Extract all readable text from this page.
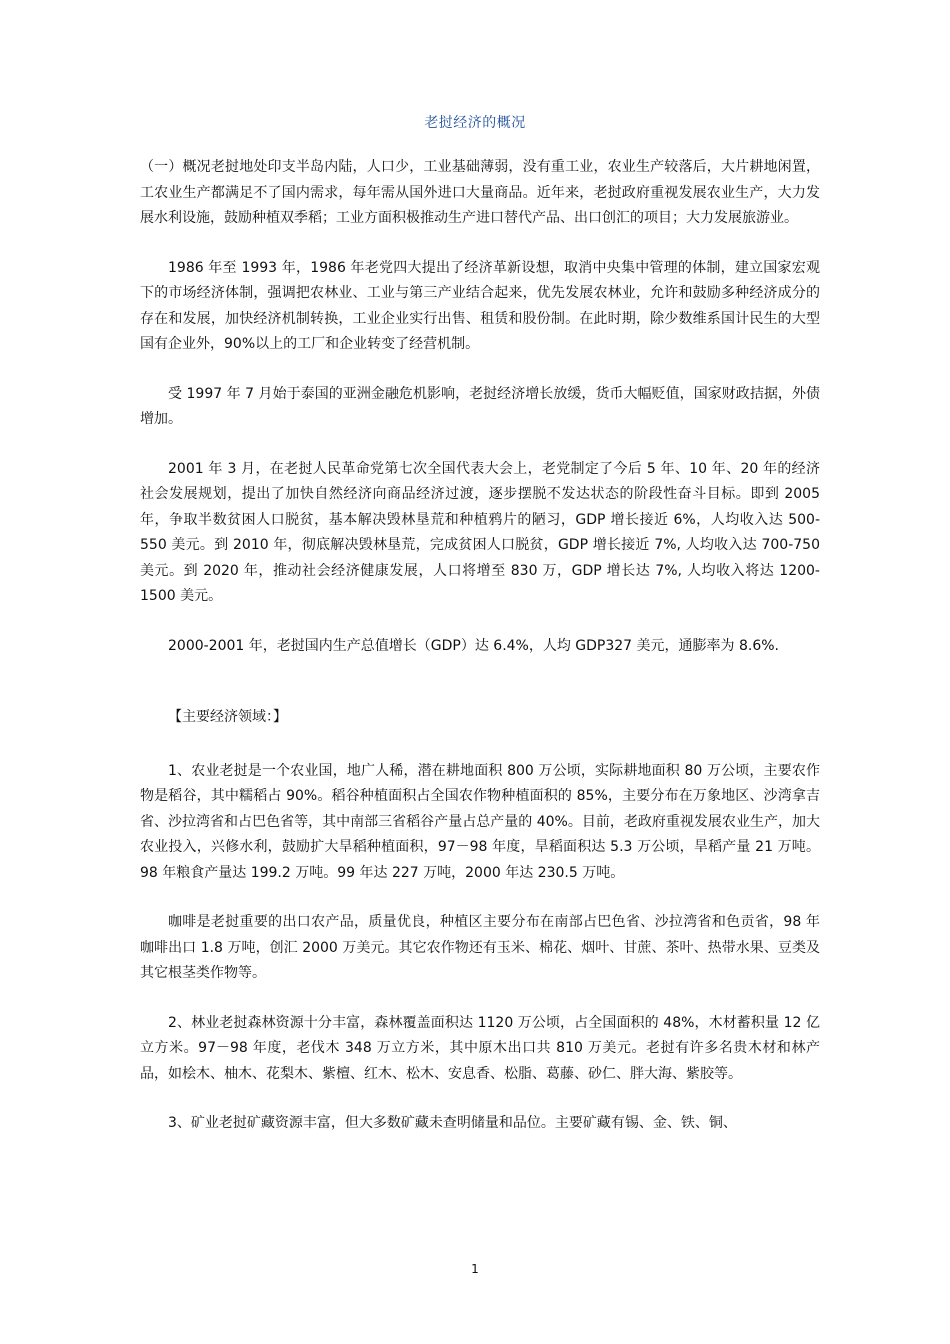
老挝经济的概况

（一）概况老挝地处印支半岛内陆，人口少，工业基础薄弱，没有重工业，农业生产较落后，大片耕地闲置，工农业生产都满足不了国内需求，每年需从国外进口大量商品。近年来，老挝政府重视发展农业生产，大力发展水利设施，鼓励种植双季稻；工业方面积极推动生产进口替代产品、出口创汇的项目；大力发展旅游业。

1986 年至 1993 年，1986 年老党四大提出了经济革新设想，取消中央集中管理的体制，建立国家宏观下的市场经济体制，强调把农林业、工业与第三产业结合起来，优先发展农林业，允许和鼓励多种经济成分的存在和发展，加快经济机制转换，工业企业实行出售、租赁和股份制。在此时期，除少数维系国计民生的大型国有企业外，90%以上的工厂和企业转变了经营机制。

受 1997 年 7 月始于泰国的亚洲金融危机影响，老挝经济增长放缓，货币大幅贬值，国家财政拮据，外债增加。

2001 年 3 月，在老挝人民革命党第七次全国代表大会上，老党制定了今后 5 年、10 年、20 年的经济社会发展规划，提出了加快自然经济向商品经济过渡，逐步摆脱不发达状态的阶段性奋斗目标。即到 2005 年，争取半数贫困人口脱贫，基本解决毁林垦荒和种植鸦片的陋习，GDP 增长接近 6%，人均收入达 500-550 美元。到 2010 年，彻底解决毁林垦荒，完成贫困人口脱贫，GDP 增长接近 7%, 人均收入达 700-750 美元。到 2020 年，推动社会经济健康发展，人口将增至 830 万，GDP 增长达 7%, 人均收入将达 1200-1500 美元。

2000-2001 年，老挝国内生产总值增长（GDP）达 6.4%，人均 GDP327 美元，通膨率为 8.6%.

【主要经济领域：】

1、农业老挝是一个农业国，地广人稀，潜在耕地面积 800 万公顷，实际耕地面积 80 万公顷，主要农作物是稻谷，其中糯稻占 90%。稻谷种植面积占全国农作物种植面积的 85%，主要分布在万象地区、沙湾拿吉省、沙拉湾省和占巴色省等，其中南部三省稻谷产量占总产量的 40%。目前，老政府重视发展农业生产，加大农业投入，兴修水利，鼓励扩大旱稻种植面积，97－98 年度，旱稻面积达 5.3 万公顷，旱稻产量 21 万吨。98 年粮食产量达 199.2 万吨。99 年达 227 万吨，2000 年达 230.5 万吨。

咖啡是老挝重要的出口农产品，质量优良，种植区主要分布在南部占巴色省、沙拉湾省和色贡省，98 年咖啡出口 1.8 万吨，创汇 2000 万美元。其它农作物还有玉米、棉花、烟叶、甘蔗、茶叶、热带水果、豆类及其它根茎类作物等。

2、林业老挝森林资源十分丰富，森林覆盖面积达 1120 万公顷，占全国面积的 48%，木材蓄积量 12 亿立方米。97－98 年度，老伐木 348 万立方米，其中原木出口共 810 万美元。老挝有许多名贵木材和林产品，如桧木、柚木、花梨木、紫檀、红木、松木、安息香、松脂、葛藤、砂仁、胖大海、紫胶等。

3、矿业老挝矿藏资源丰富，但大多数矿藏未查明储量和品位。主要矿藏有锡、金、铁、铜、

1
